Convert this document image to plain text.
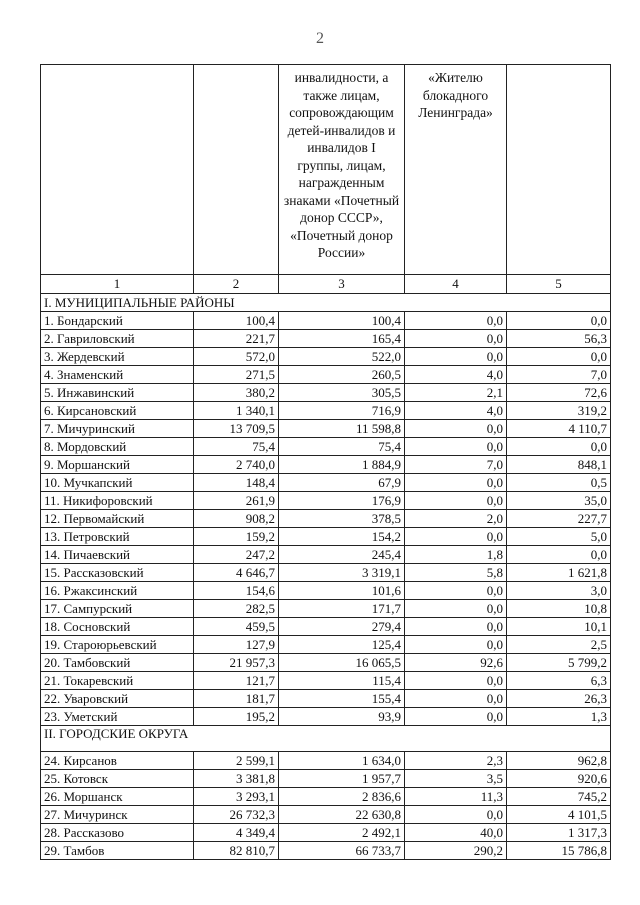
2

		инвалидности, а также лицам, сопровождающим детей-инвалидов и инвалидов I группы, лицам, награжденным знаками «Почетный донор СССР», «Почетный донор России»	«Жителю блокадного Ленинграда»	

1	2	3	4	5
I. МУНИЦИПАЛЬНЫЕ РАЙОНЫ				
1. Бондарский	100,4	100,4	0,0	0,0
2. Гавриловский	221,7	165,4	0,0	56,3
3. Жердевский	572,0	522,0	0,0	0,0
4. Знаменский	271,5	260,5	4,0	7,0
5. Инжавинский	380,2	305,5	2,1	72,6
6. Кирсановский	1 340,1	716,9	4,0	319,2
7. Мичуринский	13 709,5	11 598,8	0,0	4 110,7
8. Мордовский	75,4	75,4	0,0	0,0
9. Моршанский	2 740,0	1 884,9	7,0	848,1
10. Мучкапский	148,4	67,9	0,0	0,5
11. Никифоровский	261,9	176,9	0,0	35,0
12. Первомайский	908,2	378,5	2,0	227,7
13. Петровский	159,2	154,2	0,0	5,0
14. Пичаевский	247,2	245,4	1,8	0,0
15. Рассказовский	4 646,7	3 319,1	5,8	1 621,8
16. Ржаксинский	154,6	101,6	0,0	3,0
17. Сампурский	282,5	171,7	0,0	10,8
18. Сосновский	459,5	279,4	0,0	10,1
19. Староюрьевский	127,9	125,4	0,0	2,5
20. Тамбовский	21 957,3	16 065,5	92,6	5 799,2
21. Токаревский	121,7	115,4	0,0	6,3
22. Уваровский	181,7	155,4	0,0	26,3
23. Уметский	195,2	93,9	0,0	1,3
II. ГОРОДСКИЕ ОКРУГА				
24. Кирсанов	2 599,1	1 634,0	2,3	962,8
25. Котовск	3 381,8	1 957,7	3,5	920,6
26. Моршанск	3 293,1	2 836,6	11,3	745,2
27. Мичуринск	26 732,3	22 630,8	0,0	4 101,5
28. Рассказово	4 349,4	2 492,1	40,0	1 317,3
29. Тамбов	82 810,7	66 733,7	290,2	15 786,8
